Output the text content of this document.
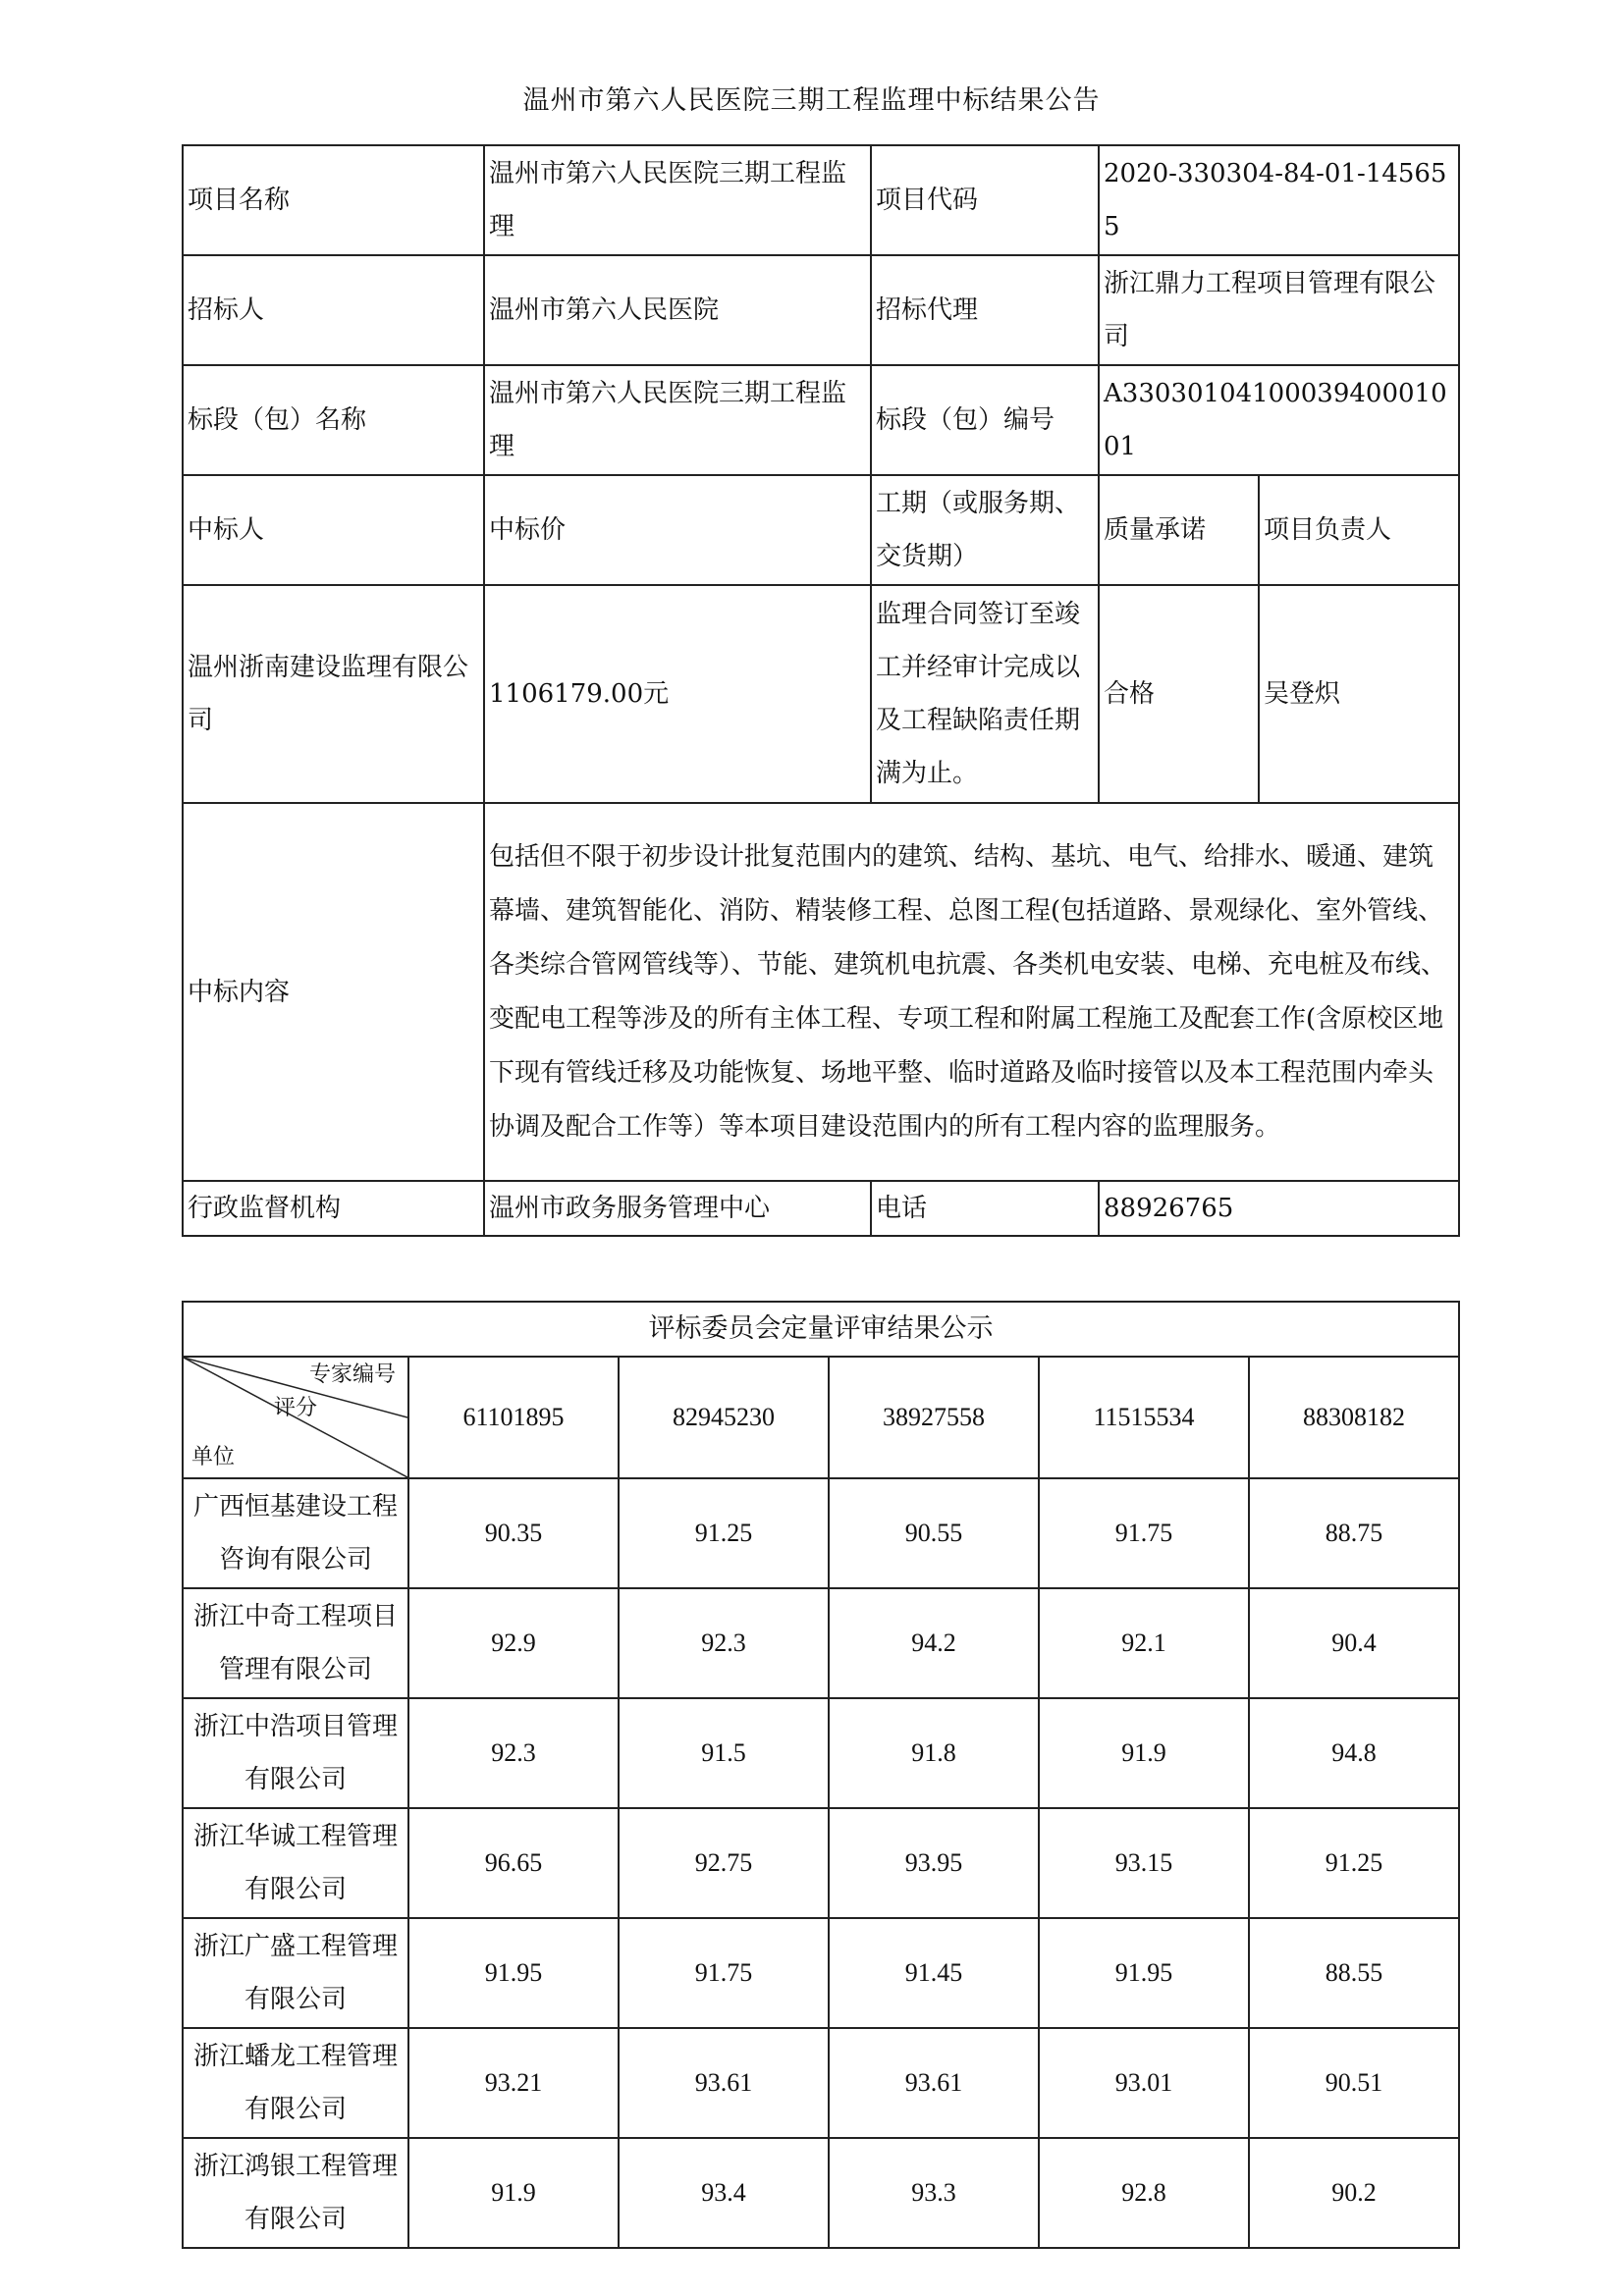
温州市第六人民医院三期工程监理中标结果公告
项目名称	温州市第六人民医院三期工程监理	项目代码	2020-330304-84-01-145655	
招标人	温州市第六人民医院	招标代理	浙江鼎力工程项目管理有限公司	
标段（包）名称	温州市第六人民医院三期工程监理	标段（包）编号	A3303010410003940001001	
中标人	中标价	工期（或服务期、交货期）	质量承诺	项目负责人
温州浙南建设监理有限公司	1106179.00元	监理合同签订至竣工并经审计完成以及工程缺陷责任期满为止。	合格	吴登炽
中标内容	包括但不限于初步设计批复范围内的建筑、结构、基坑、电气、给排水、暖通、建筑幕墙、建筑智能化、消防、精装修工程、总图工程(包括道路、景观绿化、室外管线、各类综合管网管线等）、节能、建筑机电抗震、各类机电安装、电梯、充电桩及布线、变配电工程等涉及的所有主体工程、专项工程和附属工程施工及配套工作(含原校区地下现有管线迁移及功能恢复、场地平整、临时道路及临时接管以及本工程范围内牵头协调及配合工作等）等本项目建设范围内的所有工程内容的监理服务。			
行政监督机构	温州市政务服务管理中心	电话	88926765	
评标委员会定量评审结果公示					

专家编号
评分
单位	61101895	82945230	38927558	11515534	88308182
广西恒基建设工程咨询有限公司	90.35	91.25	90.55	91.75	88.75
浙江中奇工程项目管理有限公司	92.9	92.3	94.2	92.1	90.4
浙江中浩项目管理有限公司	92.3	91.5	91.8	91.9	94.8
浙江华诚工程管理有限公司	96.65	92.75	93.95	93.15	91.25
浙江广盛工程管理有限公司	91.95	91.75	91.45	91.95	88.55
浙江蟠龙工程管理有限公司	93.21	93.61	93.61	93.01	90.51
浙江鸿银工程管理有限公司	91.9	93.4	93.3	92.8	90.2
